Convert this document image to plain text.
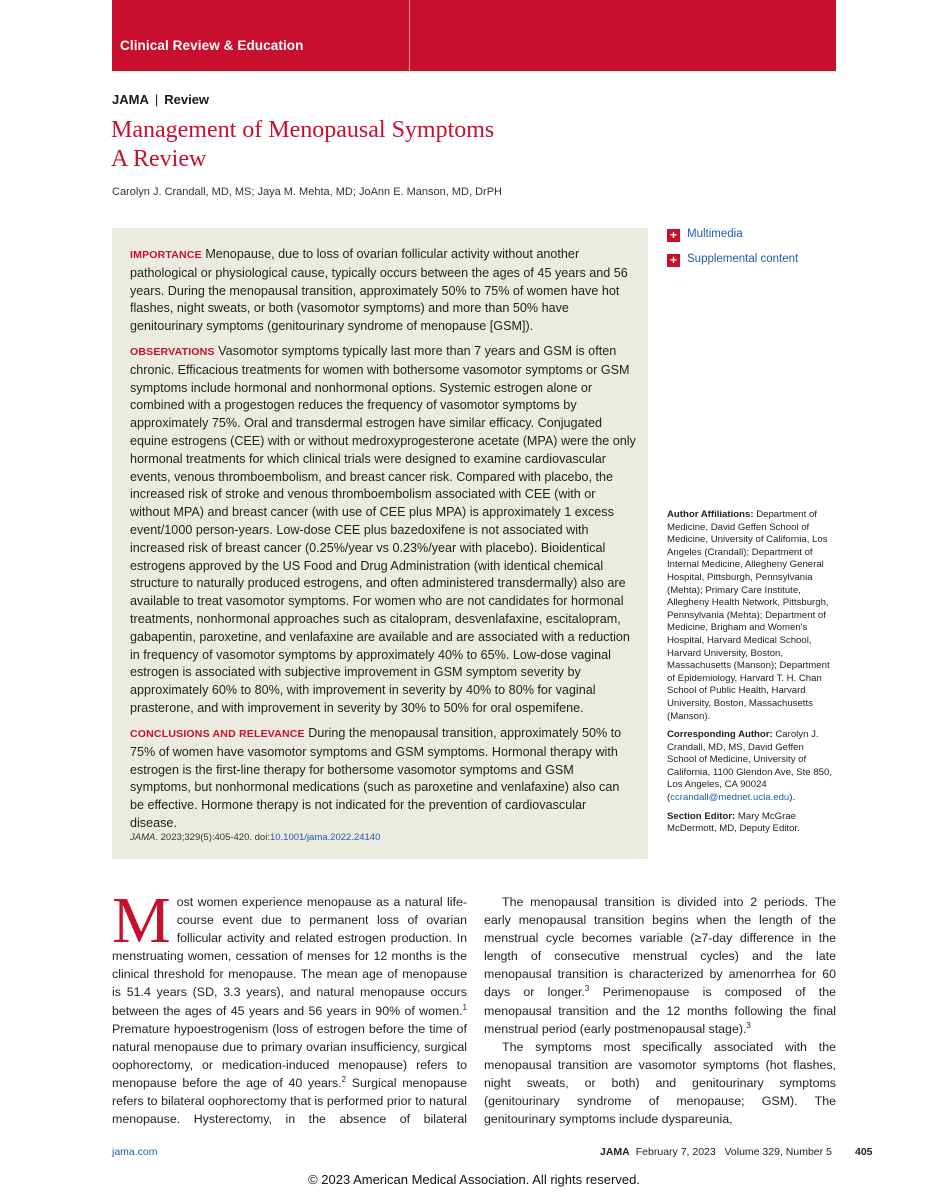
Clinical Review & Education
JAMA | Review
Management of Menopausal Symptoms
A Review
Carolyn J. Crandall, MD, MS; Jaya M. Mehta, MD; JoAnn E. Manson, MD, DrPH

IMPORTANCE Menopause, due to loss of ovarian follicular activity without another pathological or physiological cause, typically occurs between the ages of 45 years and 56 years. During the menopausal transition, approximately 50% to 75% of women have hot flashes, night sweats, or both (vasomotor symptoms) and more than 50% have genitourinary symptoms (genitourinary syndrome of menopause [GSM]).

OBSERVATIONS Vasomotor symptoms typically last more than 7 years and GSM is often chronic. Efficacious treatments for women with bothersome vasomotor symptoms or GSM symptoms include hormonal and nonhormonal options. Systemic estrogen alone or combined with a progestogen reduces the frequency of vasomotor symptoms by approximately 75%. Oral and transdermal estrogen have similar efficacy. Conjugated equine estrogens (CEE) with or without medroxyprogesterone acetate (MPA) were the only hormonal treatments for which clinical trials were designed to examine cardiovascular events, venous thromboembolism, and breast cancer risk. Compared with placebo, the increased risk of stroke and venous thromboembolism associated with CEE (with or without MPA) and breast cancer (with use of CEE plus MPA) is approximately 1 excess event/1000 person-years. Low-dose CEE plus bazedoxifene is not associated with increased risk of breast cancer (0.25%/year vs 0.23%/year with placebo). Bioidentical estrogens approved by the US Food and Drug Administration (with identical chemical structure to naturally produced estrogens, and often administered transdermally) also are available to treat vasomotor symptoms. For women who are not candidates for hormonal treatments, nonhormonal approaches such as citalopram, desvenlafaxine, escitalopram, gabapentin, paroxetine, and venlafaxine are available and are associated with a reduction in frequency of vasomotor symptoms by approximately 40% to 65%. Low-dose vaginal estrogen is associated with subjective improvement in GSM symptom severity by approximately 60% to 80%, with improvement in severity by 40% to 80% for vaginal prasterone, and with improvement in severity by 30% to 50% for oral ospemifene.

CONCLUSIONS AND RELEVANCE During the menopausal transition, approximately 50% to 75% of women have vasomotor symptoms and GSM symptoms. Hormonal therapy with estrogen is the first-line therapy for bothersome vasomotor symptoms and GSM symptoms, but nonhormonal medications (such as paroxetine and venlafaxine) also can be effective. Hormone therapy is not indicated for the prevention of cardiovascular disease.

JAMA. 2023;329(5):405-420. doi:10.1001/jama.2022.24140
+ Multimedia
+ Supplemental content

Author Affiliations: Department of Medicine, David Geffen School of Medicine, University of California, Los Angeles (Crandall); Department of Internal Medicine, Allegheny General Hospital, Pittsburgh, Pennsylvania (Mehta); Primary Care Institute, Allegheny Health Network, Pittsburgh, Pennsylvania (Mehta); Department of Medicine, Brigham and Women's Hospital, Harvard Medical School, Harvard University, Boston, Massachusetts (Manson); Department of Epidemiology, Harvard T. H. Chan School of Public Health, Harvard University, Boston, Massachusetts (Manson).

Corresponding Author: Carolyn J. Crandall, MD, MS, David Geffen School of Medicine, University of California, 1100 Glendon Ave, Ste 850, Los Angeles, CA 90024 (ccrandall@mednet.ucla.edu).

Section Editor: Mary McGrae McDermott, MD, Deputy Editor.

Most women experience menopause as a natural life-course event due to permanent loss of ovarian follicular activity and related estrogen production. In menstruating women, cessation of menses for 12 months is the clinical threshold for menopause. The mean age of menopause is 51.4 years (SD, 3.3 years), and natural menopause occurs between the ages of 45 years and 56 years in 90% of women.$^1$ Premature hypoestrogenism (loss of estrogen before the time of natural menopause due to primary ovarian insufficiency, surgical oophorectomy, or medication-induced menopause) refers to menopause before the age of 40 years.$^2$ Surgical menopause refers to bilateral oophorectomy that is performed prior to natural menopause. Hysterectomy, in the absence of bilateral

The menopausal transition is divided into 2 periods. The early menopausal transition begins when the length of the menstrual cycle becomes variable (≥7-day difference in the length of consecutive menstrual cycles) and the late menopausal transition is characterized by amenorrhea for 60 days or longer.$^3$ Perimenopause is composed of the menopausal transition and the 12 months following the final menstrual period (early postmenopausal stage).$^3$

The symptoms most specifically associated with the menopausal transition are vasomotor symptoms (hot flashes, night sweats, or both) and genitourinary symptoms (genitourinary syndrome of menopause; GSM). The genitourinary symptoms include dyspareunia,

jama.com	JAMA February 7, 2023   Volume 329, Number 5 405
© 2023 American Medical Association. All rights reserved.
